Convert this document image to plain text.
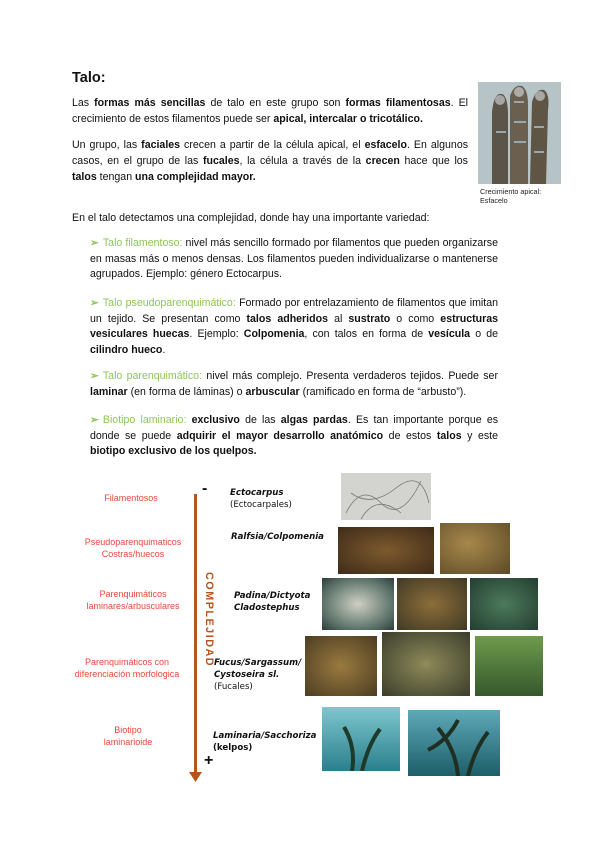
Talo:

Las formas más sencillas de talo en este grupo son formas filamentosas. El crecimiento de estos filamentos puede ser apical, intercalar o tricotálico.

Un grupo, las faciales crecen a partir de la célula apical, el esfacelo. En algunos casos, en el grupo de las fucales, la célula a través de la crecen hace que los talos tengan una complejidad mayor.

Crecimiento apical:
Esfacelo

En el talo detectamos una complejidad, donde hay una importante variedad:

➢ Talo filamentoso: nivel más sencillo formado por filamentos que pueden organizarse en masas más o menos densas. Los filamentos pueden individualizarse o mantenerse agrupados. Ejemplo: género Ectocarpus.
➢ Talo pseudoparenquimático: Formado por entrelazamiento de filamentos que imitan un tejido. Se presentan como talos adheridos al sustrato o como estructuras vesiculares huecas. Ejemplo: Colpomenia, con talos en forma de vesícula o de cilindro hueco.
➢ Talo parenquimático: nivel más complejo. Presenta verdaderos tejidos. Puede ser laminar (en forma de láminas) o arbuscular (ramificado en forma de “arbusto”).
➢ Biotipo laminario: exclusivo de las algas pardas. Es tan importante porque es donde se puede adquirir el mayor desarrollo anatómico de estos talos y este biotipo exclusivo de los quelpos.
Filamentosos
Pseudoparenquimaticos
Costras/huecos
Parenquimáticos
laminares/arbusculares
Parenquimáticos con
diferenciación morfologica
Biotipo
laminarioide
-
COMPLEJIDAD
+
Ectocarpus
(Ectocarpales)
Ralfsia/Colpomenia
Padina/Dictyota
Cladostephus
Fucus/Sargassum/
Cystoseira sl.
(Fucales)
Laminaria/Sacchoriza
(kelpos)
